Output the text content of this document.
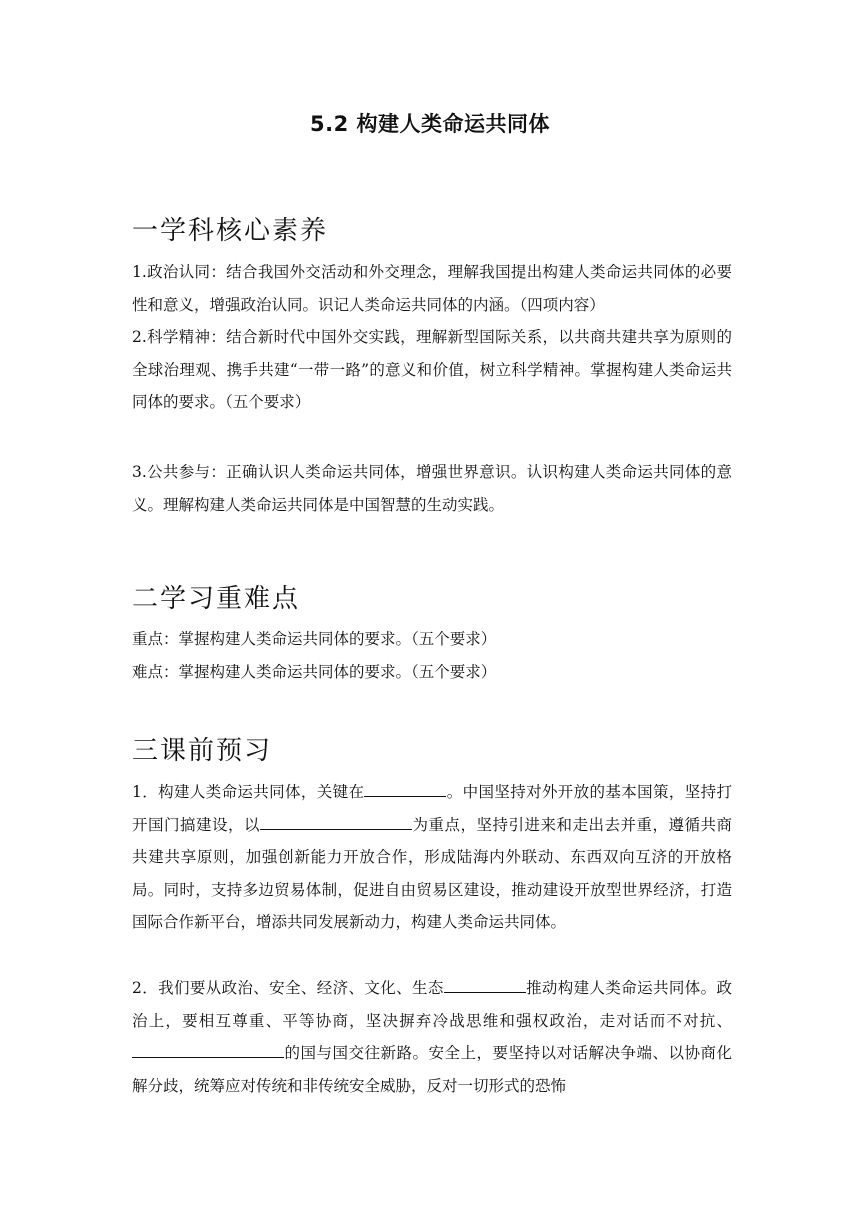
5.2 构建人类命运共同体
一学科核心素养

1.政治认同：结合我国外交活动和外交理念，理解我国提出构建人类命运共同体的必要性和意义，增强政治认同。识记人类命运共同体的内涵。（四项内容）

2.科学精神：结合新时代中国外交实践，理解新型国际关系，以共商共建共享为原则的全球治理观、携手共建“一带一路”的意义和价值，树立科学精神。掌握构建人类命运共同体的要求。（五个要求）

3.公共参与：正确认识人类命运共同体，增强世界意识。认识构建人类命运共同体的意义。理解构建人类命运共同体是中国智慧的生动实践。

二学习重难点

重点：掌握构建人类命运共同体的要求。（五个要求）

难点：掌握构建人类命运共同体的要求。（五个要求）

三课前预习

1．构建人类命运共同体，关键在	。中国坚持对外开放的基本国策，坚持打开国门搞建设，以	为重点，坚持引进来和走出去并重，遵循共商共建共享原则，加强创新能力开放合作，形成陆海内外联动、东西双向互济的开放格局。同时，支持多边贸易体制，促进自由贸易区建设，推动建设开放型世界经济，打造国际合作新平台，增添共同发展新动力，构建人类命运共同体。

2．我们要从政治、安全、经济、文化、生态	推动构建人类命运共同体。政治上，要相互尊重、平等协商，坚决摒弃冷战思维和强权政治，走对话而不对抗、的国与国交往新路。安全上，要坚持以对话解决争端、以协商化解分歧，统筹应对传统和非传统安全威胁，反对一切形式的恐怖
